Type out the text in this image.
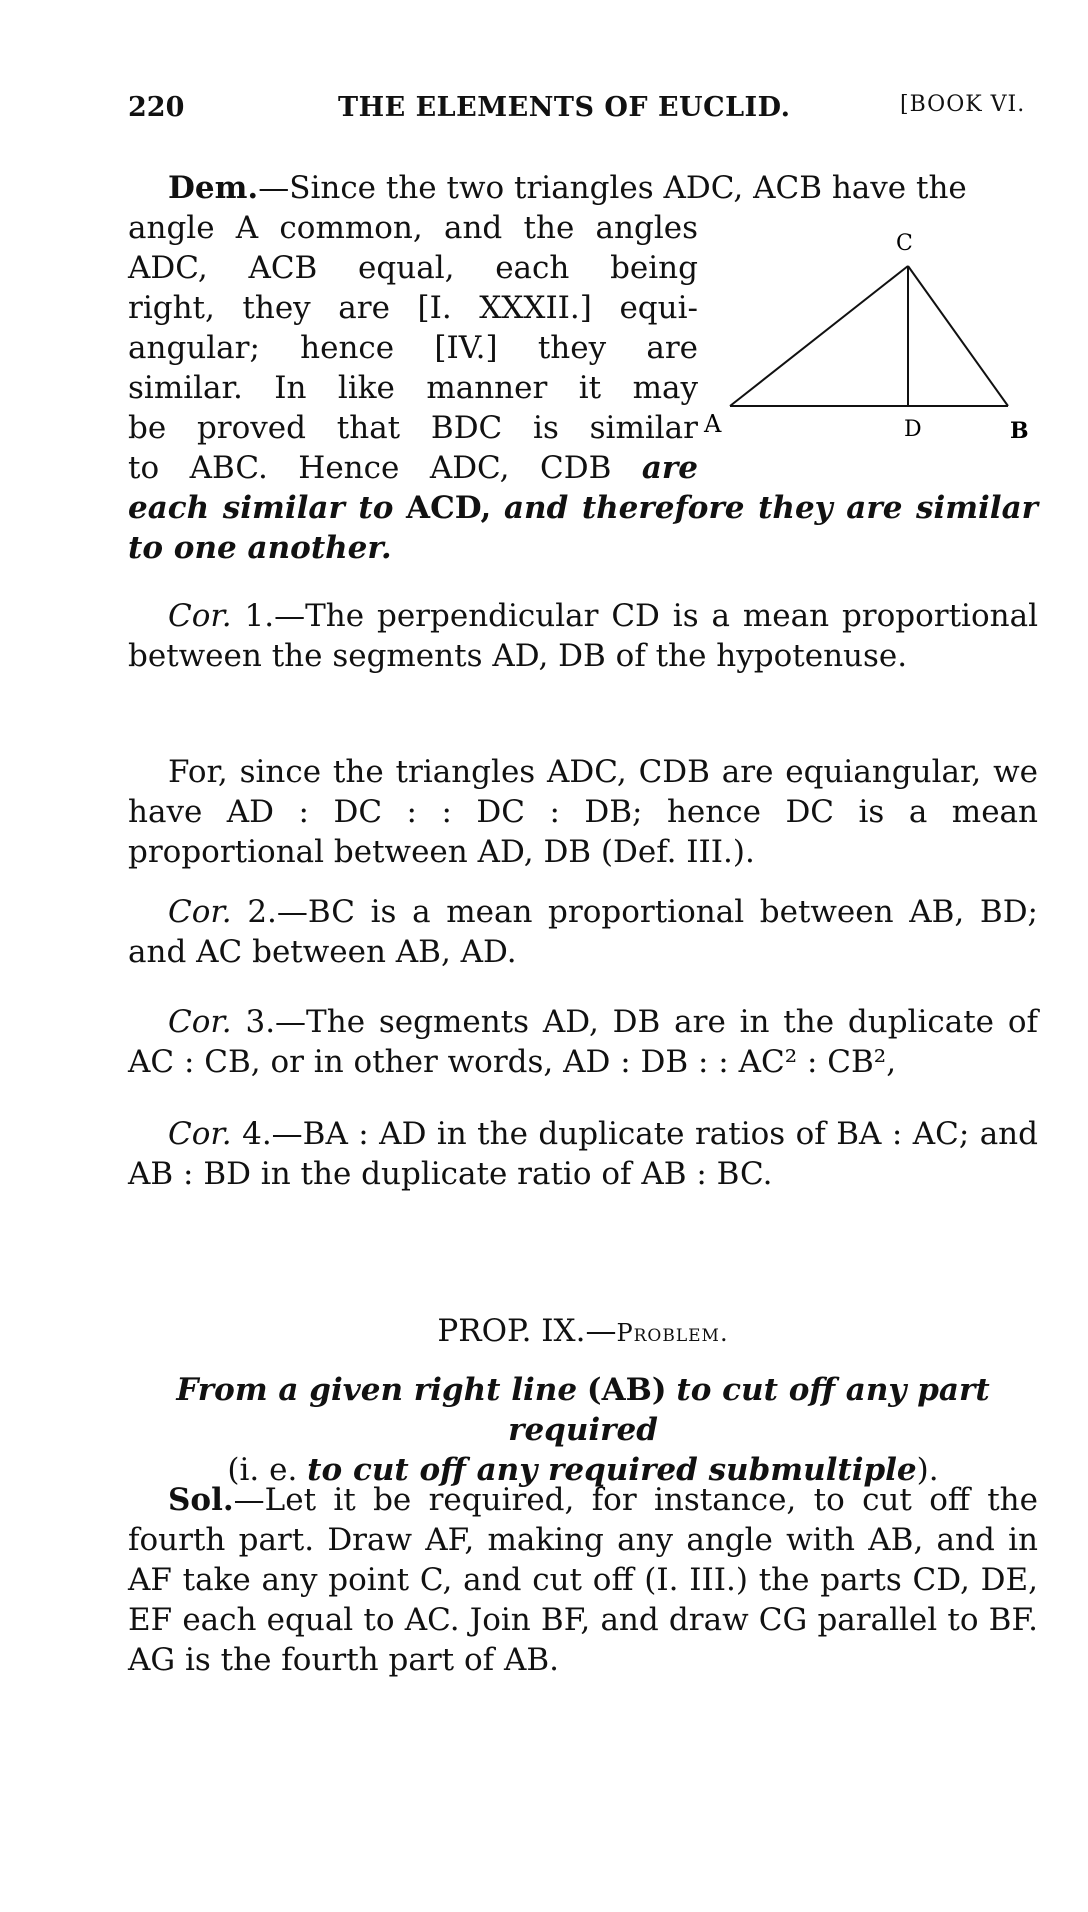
220	THE ELEMENTS OF EUCLID.	[BOOK VI.
Dem.—Since the two triangles ADC, ACB have the
angle A common, and the angles
ADC, ACB equal, each being
right, they are [I. XXXII.] equi-
angular; hence [IV.] they are
similar. In like manner it may
be proved that BDC is similar
to ABC. Hence ADC, CDB are
each similar to ACD, and therefore they are similar to one another.
A	B
C
D

Cor. 1.—The perpendicular CD is a mean proportional between the segments AD, DB of the hypotenuse.

For, since the triangles ADC, CDB are equiangular, we have AD : DC : : DC : DB; hence DC is a mean proportional between AD, DB (Def. III.).

Cor. 2.—BC is a mean proportional between AB, BD; and AC between AB, AD.

Cor. 3.—The segments AD, DB are in the duplicate of AC : CB, or in other words, AD : DB : : AC² : CB²,

Cor. 4.—BA : AD in the duplicate ratios of BA : AC; and AB : BD in the duplicate ratio of AB : BC.

PROP. IX.—Problem.

From a given right line (AB) to cut off any part required
(i. e. to cut off any required submultiple).

Sol.—Let it be required, for instance, to cut off the fourth part. Draw AF, making any angle with AB, and in AF take any point C, and cut off (I. III.) the parts CD, DE, EF each equal to AC. Join BF, and draw CG parallel to BF. AG is the fourth part of AB.
